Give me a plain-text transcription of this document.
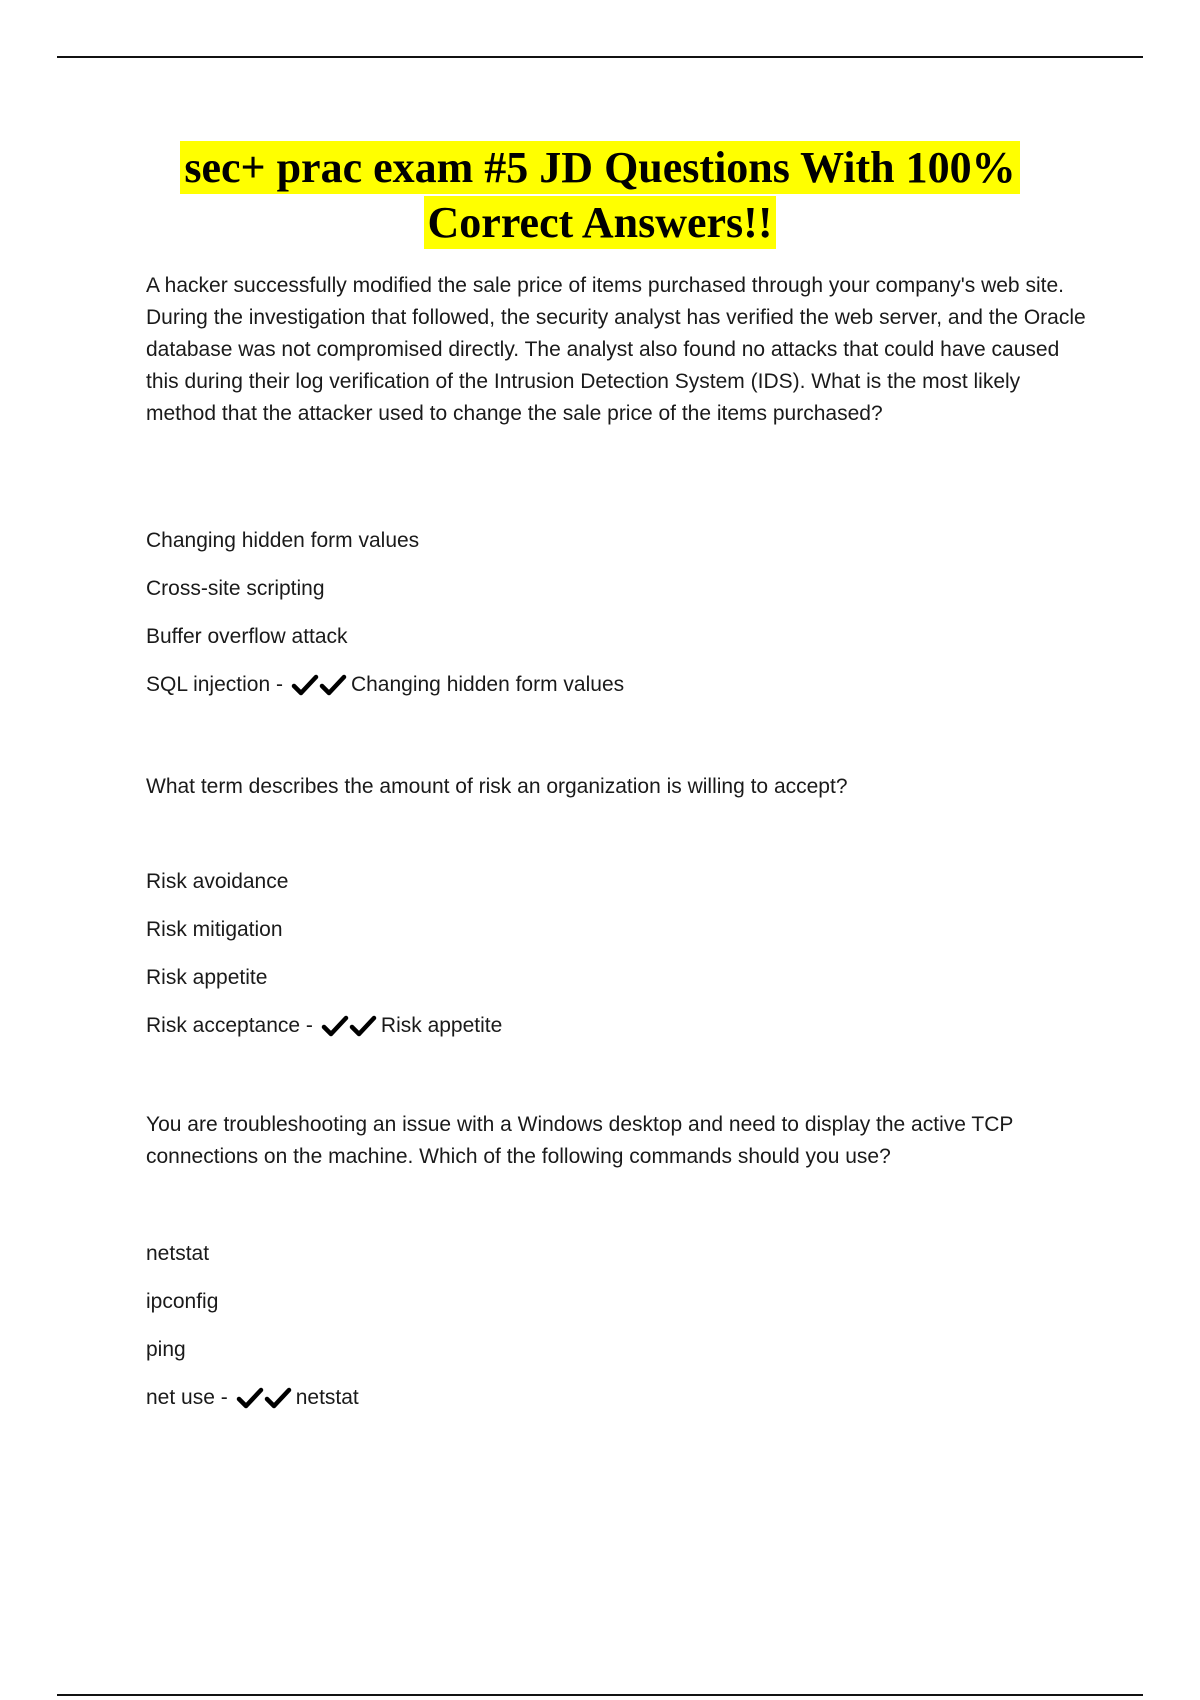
sec+ prac exam #5 JD Questions With 100%
Correct Answers!!

A hacker successfully modified the sale price of items purchased through your company's web site. During the investigation that followed, the security analyst has verified the web server, and the Oracle database was not compromised directly. The analyst also found no attacks that could have caused this during their log verification of the Intrusion Detection System (IDS). What is the most likely method that the attacker used to change the sale price of the items purchased?

Changing hidden form values

Cross-site scripting

Buffer overflow attack

SQL injection -	Changing hidden form values

What term describes the amount of risk an organization is willing to accept?

Risk avoidance

Risk mitigation

Risk appetite

Risk acceptance -	Risk appetite

You are troubleshooting an issue with a Windows desktop and need to display the active TCP connections on the machine. Which of the following commands should you use?

netstat

ipconfig

ping

net use -	netstat
